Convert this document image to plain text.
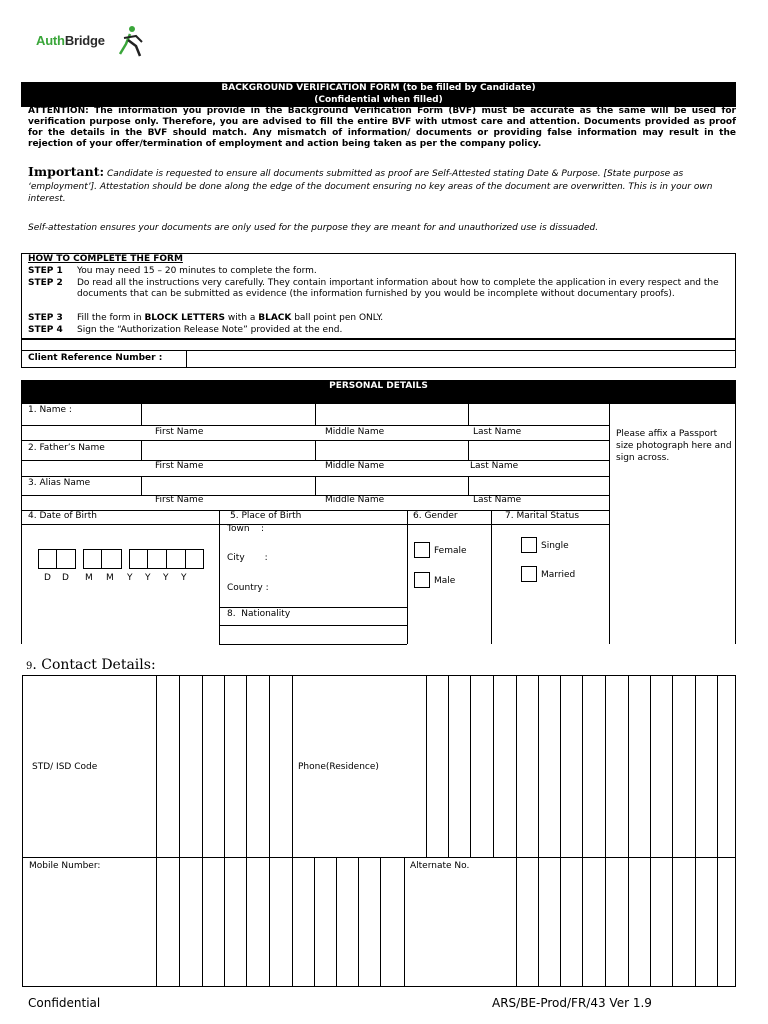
AuthBridge
BACKGROUND VERIFICATION FORM (to be filled by Candidate)
(Confidential when filled)
ATTENTION: The information you provide in the Background Verification Form (BVF) must be accurate as the same will be used for verification purpose only. Therefore, you are advised to fill the entire BVF with utmost care and attention. Documents provided as proof for the details in the BVF should match. Any mismatch of information/ documents or providing false information may result in the rejection of your offer/termination of employment and action being taken as per the company policy.
Important: Candidate is requested to ensure all documents submitted as proof are Self-Attested stating Date & Purpose. [State purpose as ‘employment’]. Attestation should be done along the edge of the document ensuring no key areas of the document are overwritten. This is in your own interest.
Self-attestation ensures your documents are only used for the purpose they are meant for and unauthorized use is dissuaded.
HOW TO COMPLETE THE FORM
STEP 1	You may need 15 – 20 minutes to complete the form.
STEP 2	Do read all the instructions very carefully. They contain important information about how to complete the application in every respect and the documents that can be submitted as evidence (the information furnished by you would be incomplete without documentary proofs).
STEP 3	Fill the form in BLOCK LETTERS with a BLACK ball point pen ONLY.
STEP 4	Sign the “Authorization Release Note” provided at the end.
Client Reference Number :
PERSONAL DETAILS
1. Name :
First Name	Middle Name	Last Name
2. Father’s Name
First Name	Middle Name	Last Name
3. Alias Name
First Name	Middle Name	Last Name
Please affix a Passport size photograph here and sign across.
4. Date of Birth	5. Place of Birth	6. Gender	7. Marital Status
D D M M Y Y Y Y
Town    :
City       :
Country :
8.  Nationality
Female
Male
Single
Married
9. Contact Details:
STD/ ISD Code	Phone(Residence)
Mobile Number:	Alternate No.
Confidential	ARS/BE-Prod/FR/43 Ver 1.9
